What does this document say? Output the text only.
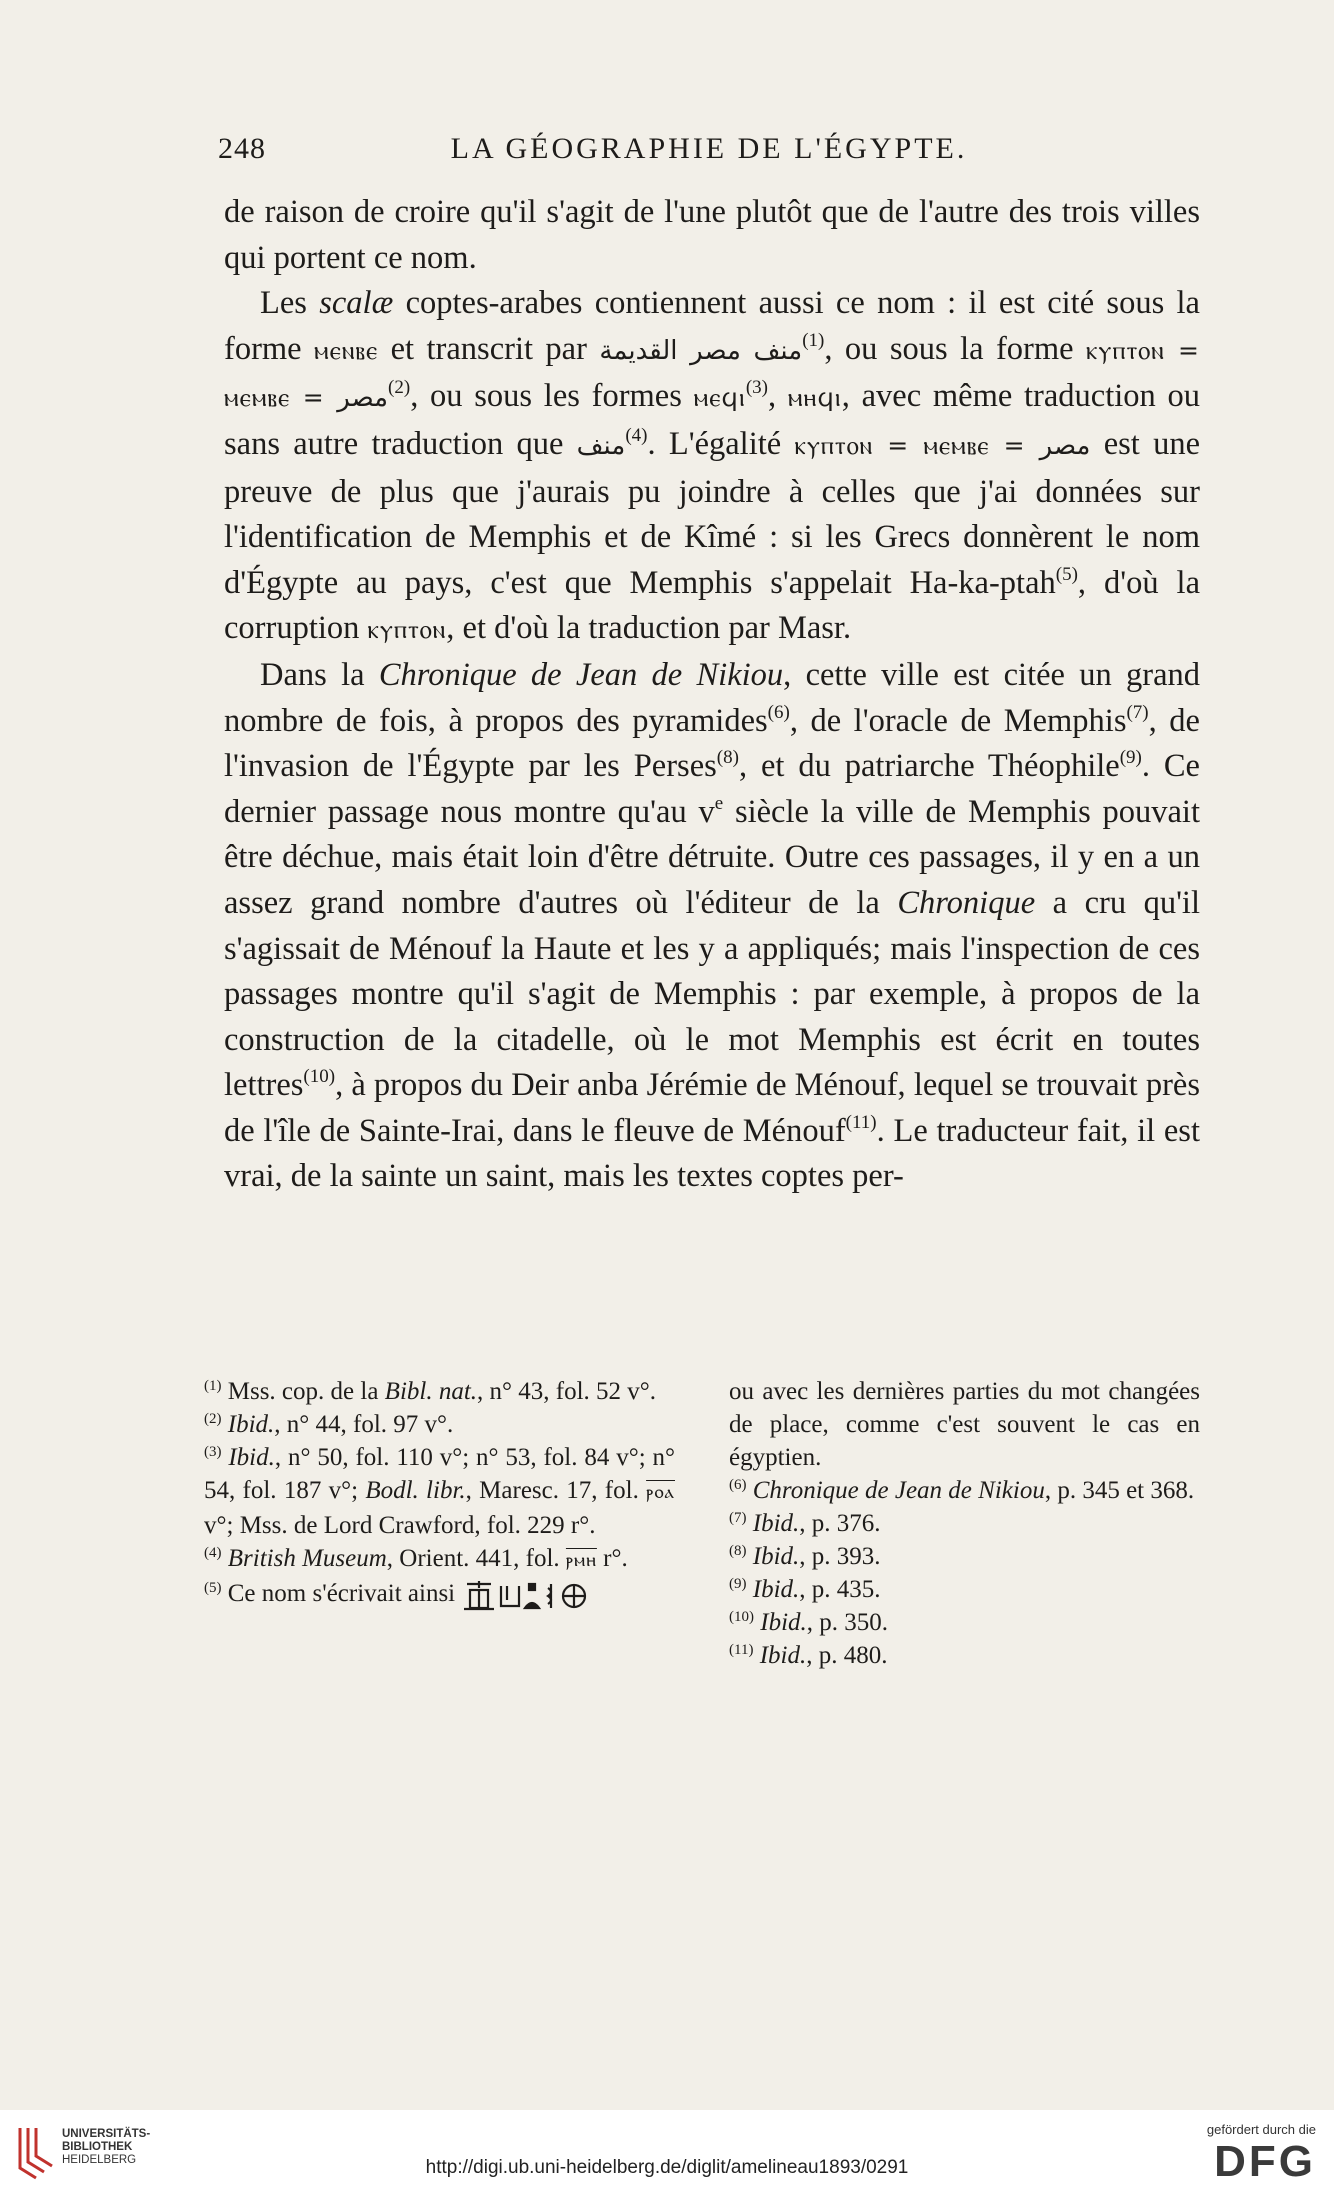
248	LA GÉOGRAPHIE DE L'ÉGYPTE.

de raison de croire qu'il s'agit de l'une plutôt que de l'autre des trois villes qui portent ce nom.

Les scalæ coptes-arabes contiennent aussi ce nom : il est cité sous la forme ⲙⲉⲛⲃⲉ et transcrit par منف مصر القديمة$^{(1)}$, ou sous la forme ⲕⲩⲡⲧⲟⲛ = ⲙⲉⲙⲃⲉ = مصر$^{(2)}$, ou sous les formes ⲙⲉϥⲓ$^{(3)}$, ⲙⲏϥⲓ, avec même traduction ou sans autre traduction que منف$^{(4)}$. L'égalité ⲕⲩⲡⲧⲟⲛ = ⲙⲉⲙⲃⲉ = مصر est une preuve de plus que j'aurais pu joindre à celles que j'ai données sur l'identification de Memphis et de Kîmé : si les Grecs donnèrent le nom d'Égypte au pays, c'est que Memphis s'appelait Ha-ka-ptah$^{(5)}$, d'où la corruption ⲕⲩⲡⲧⲟⲛ, et d'où la traduction par Masr.

Dans la Chronique de Jean de Nikiou, cette ville est citée un grand nombre de fois, à propos des pyramides$^{(6)}$, de l'oracle de Memphis$^{(7)}$, de l'invasion de l'Égypte par les Perses$^{(8)}$, et du patriarche Théophile$^{(9)}$. Ce dernier passage nous montre qu'au $v^e$ siècle la ville de Memphis pouvait être déchue, mais était loin d'être détruite. Outre ces passages, il y en a un assez grand nombre d'autres où l'éditeur de la Chronique a cru qu'il s'agissait de Ménouf la Haute et les y a appliqués; mais l'inspection de ces passages montre qu'il s'agit de Memphis : par exemple, à propos de la construction de la citadelle, où le mot Memphis est écrit en toutes lettres$^{(10)}$, à propos du Deir anba Jérémie de Ménouf, lequel se trouvait près de l'île de Sainte-Irai, dans le fleuve de Ménouf$^{(11)}$. Le traducteur fait, il est vrai, de la sainte un saint, mais les textes coptes per-

$^{(1)}$ Mss. cop. de la Bibl. nat., n° 43, fol. 52 v°.

$^{(2)}$ Ibid., n° 44, fol. 97 v°.

$^{(3)}$ Ibid., n° 50, fol. 110 v°; n° 53, fol. 84 v°; n° 54, fol. 187 v°; Bodl. libr., Maresc. 17, fol. ⲣⲟⲁ v°; Mss. de Lord Crawford, fol. 229 r°.

$^{(4)}$ British Museum, Orient. 441, fol. ⲣⲙⲏ r°.

$^{(5)}$ Ce nom s'écrivait ainsi

ou avec les dernières parties du mot changées de place, comme c'est souvent le cas en égyptien.

$^{(6)}$ Chronique de Jean de Nikiou, p. 345 et 368.

$^{(7)}$ Ibid., p. 376.

$^{(8)}$ Ibid., p. 393.

$^{(9)}$ Ibid., p. 435.

$^{(10)}$ Ibid., p. 350.

$^{(11)}$ Ibid., p. 480.

UNIVERSITÄTS-
BIBLIOTHEK
HEIDELBERG	http://digi.ub.uni-heidelberg.de/diglit/amelineau1893/0291
gefördert durch die
DFG
